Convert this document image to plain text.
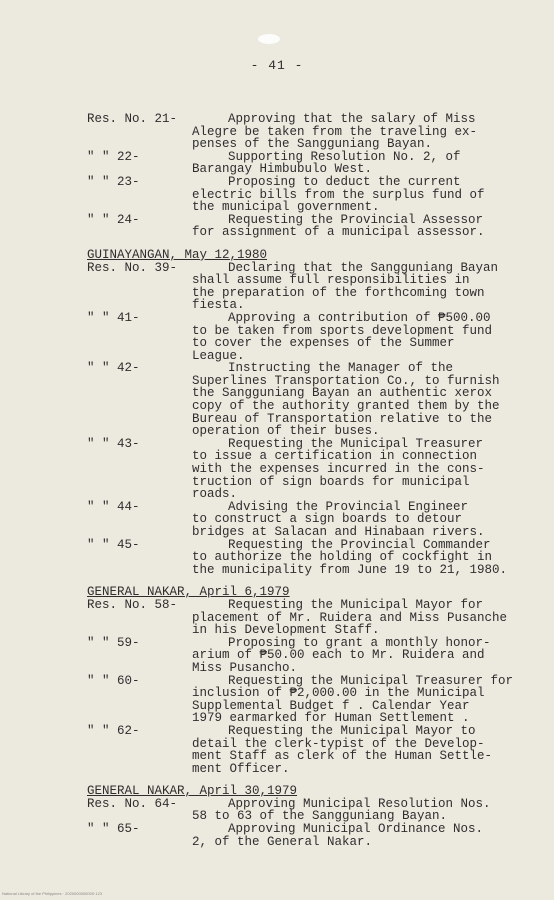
- 41 -
Res. No. 21-	Approving that the salary of Miss
Alegre be taken from the traveling ex-
penses of the Sangguniang Bayan.
" " 22-	Supporting Resolution No. 2, of
Barangay Himbubulo West.
" " 23-	Proposing to deduct the current
electric bills from the surplus fund of
the municipal government.
" " 24-	Requesting the Provincial Assessor
for assignment of a municipal assessor.
GUINAYANGAN, May 12,1980
Res. No. 39-	Declaring that the Sangguniang Bayan
shall assume full responsibilities in
the preparation of the forthcoming town
fiesta.
" " 41-	Approving a contribution of ₱500.00
to be taken from sports development fund
to cover the expenses of the Summer
League.
" " 42-	Instructing the Manager of the
Superlines Transportation Co., to furnish
the Sangguniang Bayan an authentic xerox
copy of the authority granted them by the
Bureau of Transportation relative to the
operation of their buses.
" " 43-	Requesting the Municipal Treasurer
to issue a certification in connection
with the expenses incurred in the cons-
truction of sign boards for municipal
roads.
" " 44-	Advising the Provincial Engineer
to construct a sign boards to detour
bridges at Salacan and Hinabaan rivers.
" " 45-	Requesting the Provincial Commander
to authorize the holding of cockfight in
the municipality from June 19 to 21, 1980.
GENERAL NAKAR, April 6,1979
Res. No. 58-	Requesting the Municipal Mayor for
placement of Mr. Ruidera and Miss Pusanche
in his Development Staff.
" " 59-	Proposing to grant a monthly honor-
arium of ₱50.00 each to Mr. Ruidera and
Miss Pusancho.
" " 60-	Requesting the Municipal Treasurer for
inclusion of ₱2,000.00 in the Municipal
Supplemental Budget f . Calendar Year
1979 earmarked for Human Settlement .
" " 62-	Requesting the Municipal Mayor to
detail the clerk-typist of the Develop-
ment Staff as clerk of the Human Settle-
ment Officer.
GENERAL NAKAR, April 30,1979
Res. No. 64-	Approving Municipal Resolution Nos.
58 to 63 of the Sangguniang Bayan.
" " 65-	Approving Municipal Ordinance Nos.
2, of the General Nakar.
National Library of the Philippines · 2020000000000·123
